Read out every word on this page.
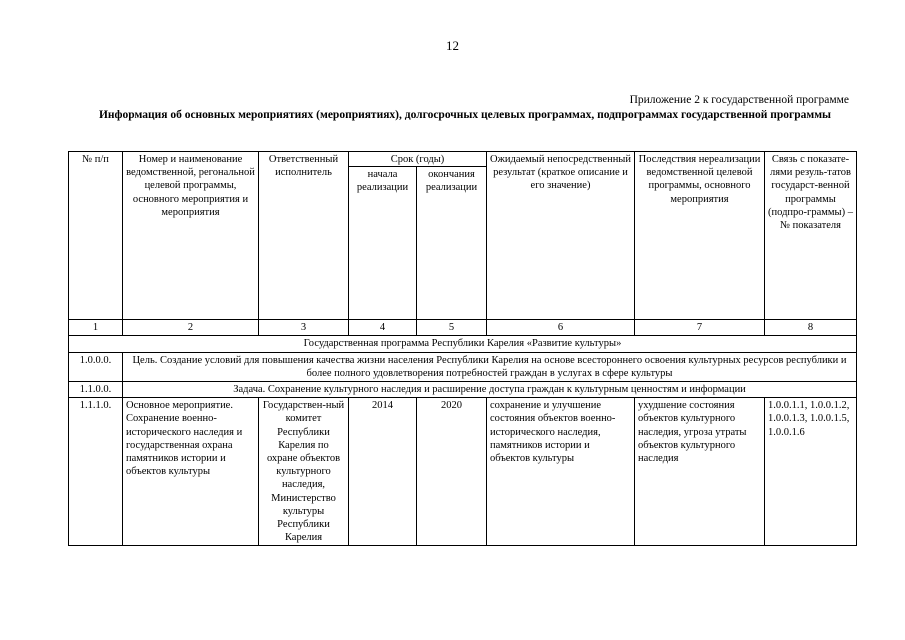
12
Приложение 2 к государственной программе
Информация об основных мероприятиях (мероприятиях), долгосрочных целевых программах, подпрограммах государственной программы
№ п/п	Номер и наименование ведомственной, регональной целевой программы, основного мероприятия и мероприятия	Ответственный исполнитель	Срок (годы)		Ожидаемый непосредственный результат (краткое описание и его значение)	Последствия нереализации ведомственной целевой программы, основного мероприятия	Связь с показате-лями резуль-татов государст-венной программы (подпро-граммы) – № показателя
			начала реализации	окончания реализации			
1	2	3	4	5	6	7	8
Государственная программа Республики Карелия «Развитие культуры»							
1.0.0.0.	Цель. Создание условий для повышения качества жизни населения Республики Карелия на основе всестороннего освоения культурных ресурсов республики и более полного удовлетворения потребностей граждан в услугах в сфере культуры						
1.1.0.0.	Задача. Сохранение культурного наследия и расширение доступа граждан к культурным ценностям и информации						
1.1.1.0.	Основное мероприятие. Сохранение военно-исторического наследия и государственная охрана памятников истории и объектов культуры	Государствен-ный комитет Республики Карелия по охране объектов культурного наследия, Министерство культуры Республики Карелия	2014	2020	сохранение и улучшение состояния объектов военно-исторического наследия, памятников истории и объектов культуры	ухудшение состояния объектов культурного наследия, угроза утраты объектов культурного наследия	1.0.0.1.1, 1.0.0.1.2, 1.0.0.1.3, 1.0.0.1.5, 1.0.0.1.6
